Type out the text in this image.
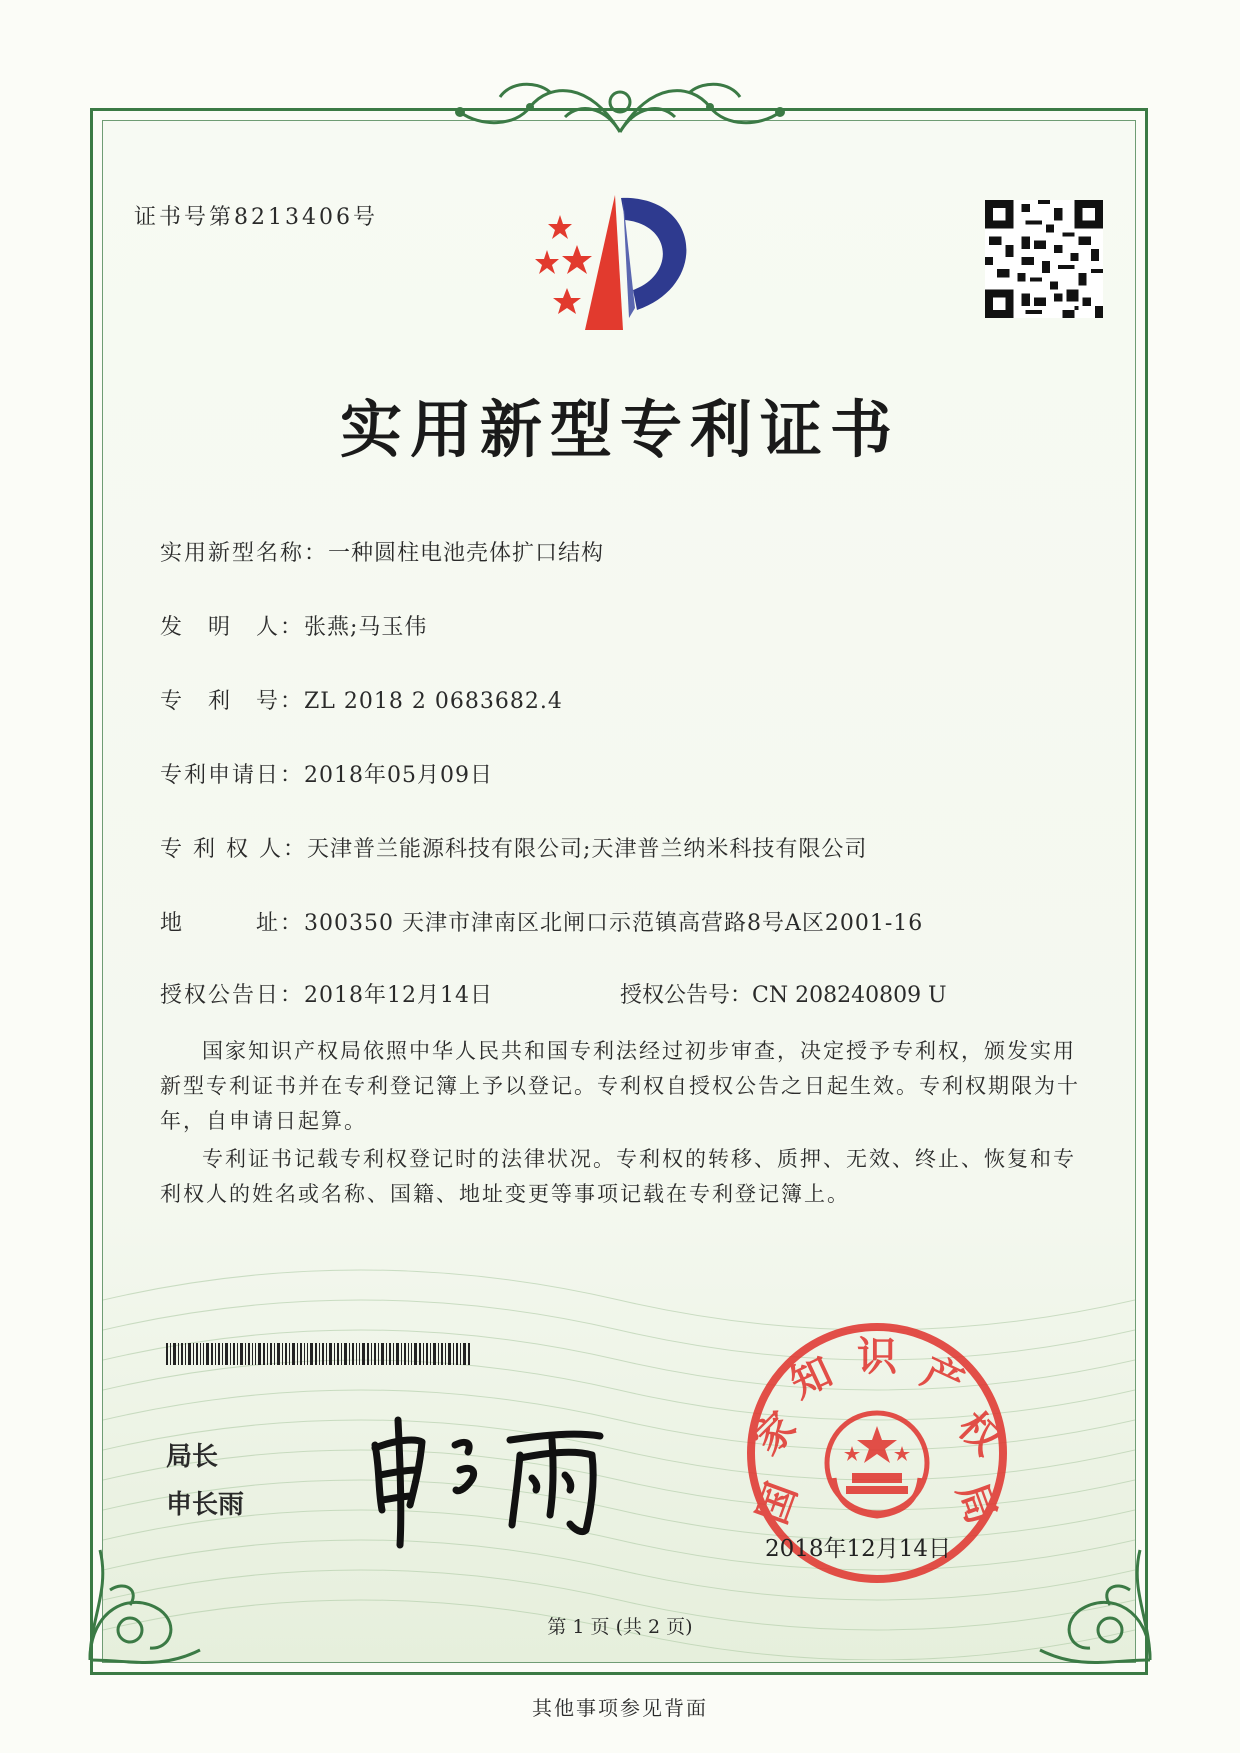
证书号第8213406号
实用新型专利证书
实用新型名称：一种圆柱电池壳体扩口结构
发　明　人：张燕;马玉伟
专　利　号：ZL 2018 2 0683682.4
专利申请日：2018年05月09日
专 利 权 人：天津普兰能源科技有限公司;天津普兰纳米科技有限公司
地　　　址：300350 天津市津南区北闸口示范镇高营路8号A区2001-16
授权公告日：2018年12月14日	授权公告号：CN 208240809 U
国家知识产权局依照中华人民共和国专利法经过初步审查，决定授予专利权，颁发实用新型专利证书并在专利登记簿上予以登记。专利权自授权公告之日起生效。专利权期限为十年，自申请日起算。
专利证书记载专利权登记时的法律状况。专利权的转移、质押、无效、终止、恢复和专利权人的姓名或名称、国籍、地址变更等事项记载在专利登记簿上。
局长
申长雨	国
家
知 识 产
权
局
2018年12月14日
第 1 页 (共 2 页)
其他事项参见背面
